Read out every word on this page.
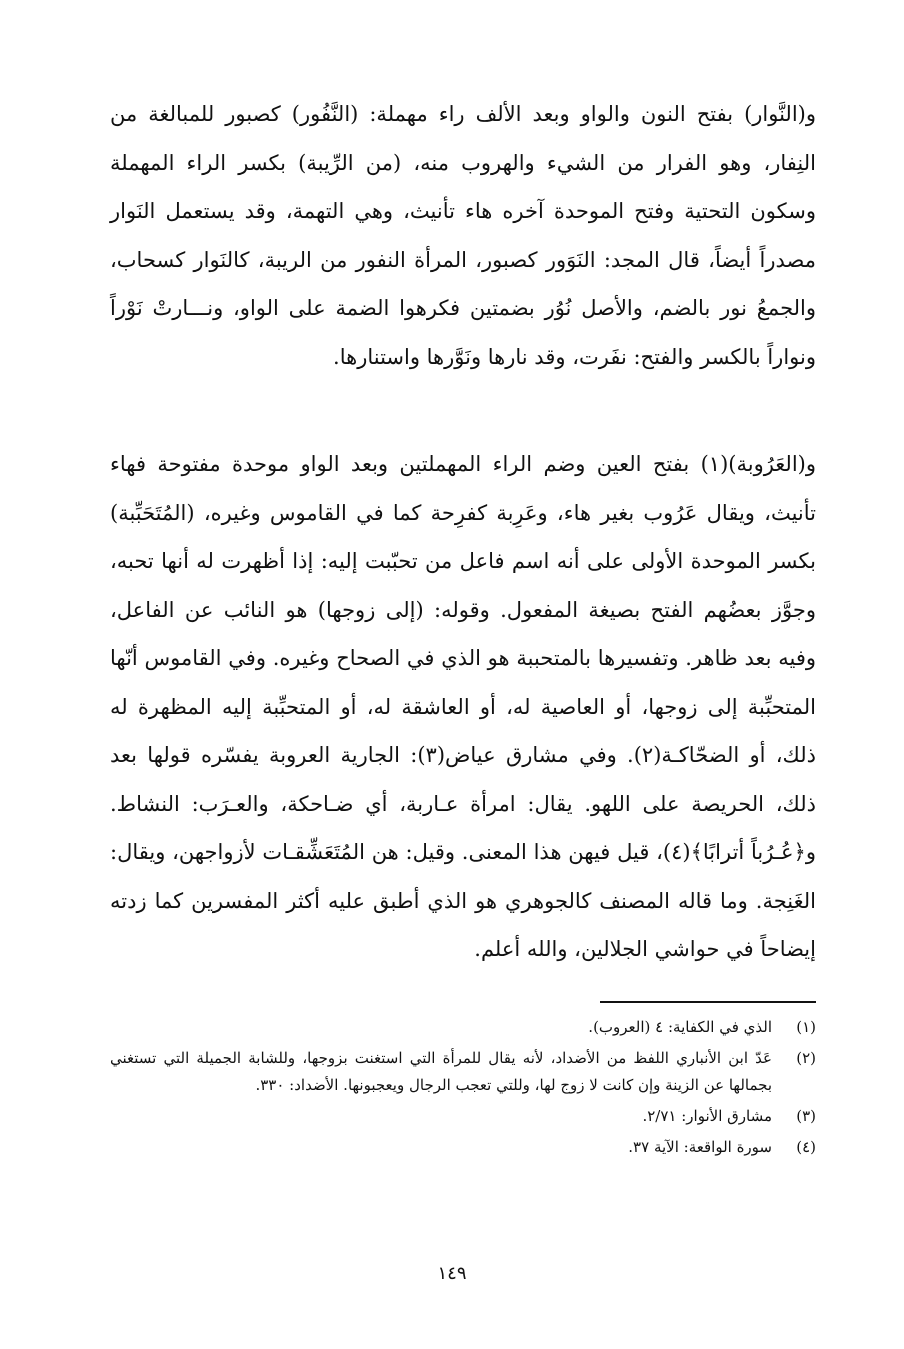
و(النَّوار) بفتح النون والواو وبعد الألف راء مهملة: (النَّفُور) كصبور للمبالغة من النِفار، وهو الفرار من الشيء والهروب منه، (من الرِّيبة) بكسر الراء المهملة وسكون التحتية وفتح الموحدة آخره هاء تأنيث، وهي التهمة، وقد يستعمل النَوار مصدراً أيضاً، قال المجد: النَوَور كصبور، المرأة النفور من الريبة، كالنَوار كسحاب، والجمعُ نور بالضم، والأصل نُوُر بضمتين فكرهوا الضمة على الواو، ونـــارتْ نَوْراً ونواراً بالكسر والفتح: نفَرت، وقد نارها ونَوَّرها واستنارها.

و(العَرُوبة)(١) بفتح العين وضم الراء المهملتين وبعد الواو موحدة مفتوحة فهاء تأنيث، ويقال عَرُوب بغير هاء، وعَرِبة كفرِحة كما في القاموس وغيره، (المُتَحَبِّبة) بكسر الموحدة الأولى على أنه اسم فاعل من تحبّبت إليه: إذا أظهرت له أنها تحبه، وجوَّز بعضُهم الفتح بصيغة المفعول. وقوله: (إلى زوجها) هو النائب عن الفاعل، وفيه بعد ظاهر. وتفسيرها بالمتحببة هو الذي في الصحاح وغيره. وفي القاموس أنّها المتحبِّبة إلى زوجها، أو العاصية له، أو العاشقة له، أو المتحبِّبة إليه المظهرة له ذلك، أو الضحّاكـة(٢). وفي مشارق عياض(٣): الجارية العروبة يفسّره قولها بعد ذلك، الحريصة على اللهو. يقال: امرأة عـاربة، أي ضـاحكة، والعـرَب: النشاط. و﴿عُـرُباً أترابًا﴾(٤)، قيل فيهن هذا المعنى. وقيل: هن المُتَعَشِّقـات لأزواجهن، ويقال: الغَنِجة. وما قاله المصنف كالجوهري هو الذي أطبق عليه أكثر المفسرين كما زدته إيضاحاً في حواشي الجلالين، والله أعلم.

(١)
الذي في الكفاية: ٤ (العروب).
(٢)
عَدّ ابن الأنباري اللفظ من الأضداد، لأنه يقال للمرأة التي استغنت بزوجها، وللشابة الجميلة التي تستغني بجمالها عن الزينة وإن كانت لا زوج لها، وللتي تعجب الرجال ويعجبونها. الأضداد: ٣٣٠.
(٣)
مشارق الأنوار: ٢/٧١.
(٤)
سورة الواقعة: الآية ٣٧.
١٤٩
